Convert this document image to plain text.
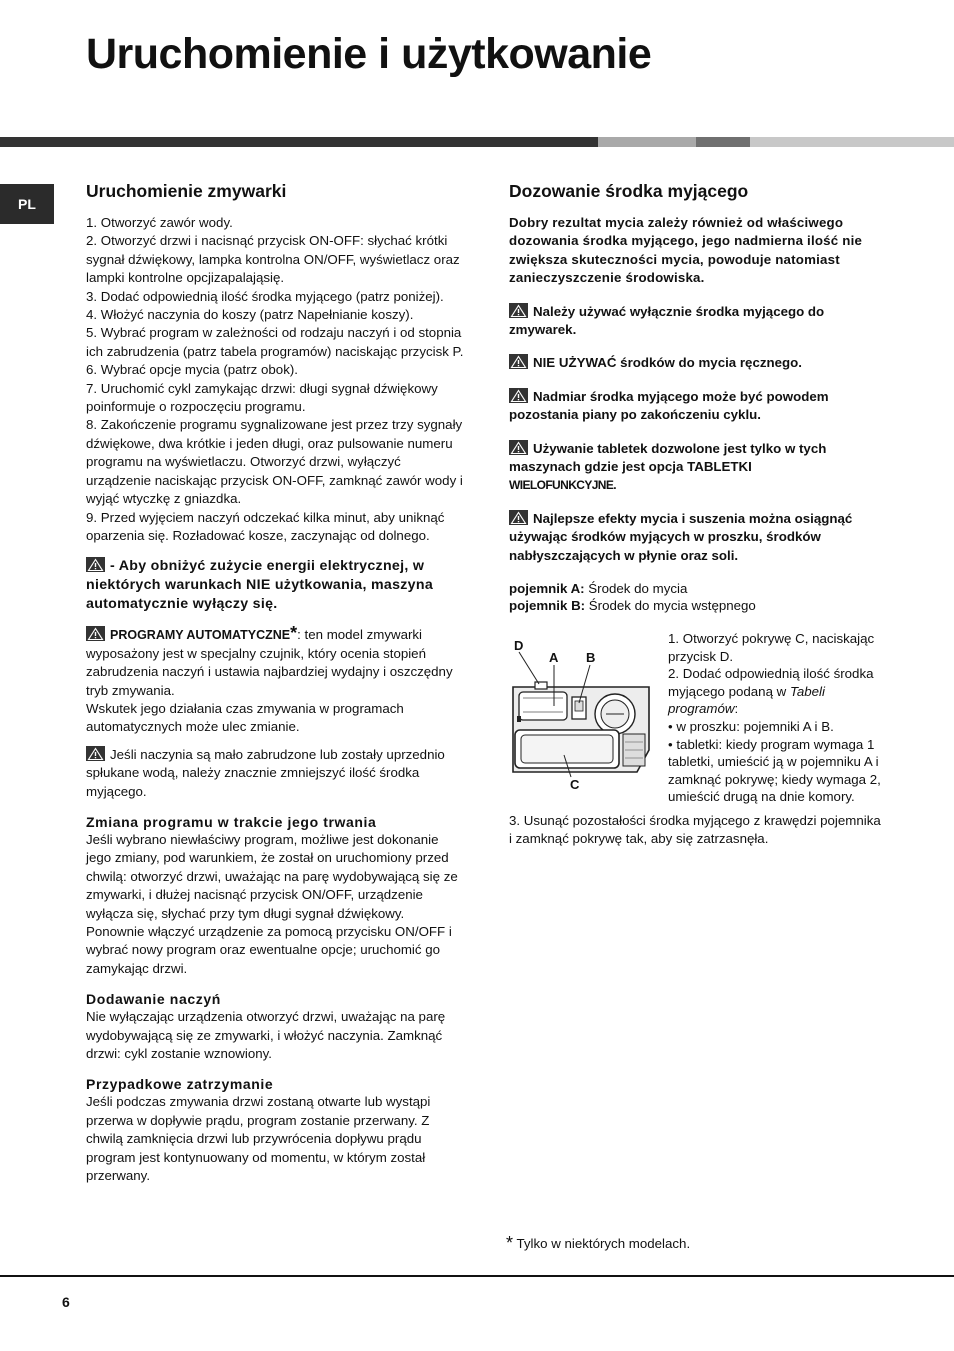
Uruchomienie i użytkowanie
PL
Uruchomienie zmywarki

1. Otworzyć zawór wody.

2. Otworzyć drzwi i nacisnąć przycisk ON-OFF: słychać krótki sygnał dźwiękowy, lampka kontrolna ON/OFF, wyświetlacz oraz lampki kontrolne opcjizapalająsię.

3. Dodać odpowiednią ilość środka myjącego (patrz poniżej).

4. Włożyć naczynia do koszy (patrz Napełnianie koszy).

5. Wybrać program w zależności od rodzaju naczyń i od stopnia ich zabrudzenia (patrz tabela programów) naciskając przycisk P.

6. Wybrać opcje mycia (patrz obok).

7. Uruchomić cykl zamykając drzwi: długi sygnał dźwiękowy poinformuje o rozpoczęciu programu.

8. Zakończenie programu sygnalizowane jest przez trzy sygnały dźwiękowe, dwa krótkie i jeden długi, oraz pulsowanie numeru programu na wyświetlaczu. Otworzyć drzwi, wyłączyć urządzenie naciskając przycisk ON-OFF, zamknąć zawór wody i wyjąć wtyczkę z gniazdka.

9. Przed wyjęciem naczyń odczekać kilka minut, aby uniknąć oparzenia się. Rozładować kosze, zaczynając od dolnego.

- Aby obniżyć zużycie energii elektrycznej, w niektórych warunkach NIE użytkowania, maszyna automatycznie wyłączy się.

PROGRAMY AUTOMATYCZNE*: ten model zmywarki wyposażony jest w specjalny czujnik, który ocenia stopień zabrudzenia naczyń i ustawia najbardziej wydajny i oszczędny tryb zmywania.

Wskutek jego działania czas zmywania w programach automatycznych może ulec zmianie.

Jeśli naczynia są mało zabrudzone lub zostały uprzednio spłukane wodą, należy znacznie zmniejszyć ilość środka myjącego.

Zmiana programu w trakcie jego trwania

Jeśli wybrano niewłaściwy program, możliwe jest dokonanie jego zmiany, pod warunkiem, że został on uruchomiony przed chwilą: otworzyć drzwi, uważając na parę wydobywającą się ze zmywarki, i dłużej nacisnąć przycisk ON/OFF, urządzenie wyłącza się, słychać przy tym długi sygnał dźwiękowy. Ponownie włączyć urządzenie za pomocą przycisku ON/OFF i wybrać nowy program oraz ewentualne opcje; uruchomić go zamykając drzwi.

Dodawanie naczyń

Nie wyłączając urządzenia otworzyć drzwi, uważając na parę wydobywającą się ze zmywarki, i włożyć naczynia. Zamknąć drzwi: cykl zostanie wznowiony.

Przypadkowe zatrzymanie

Jeśli podczas zmywania drzwi zostaną otwarte lub wystąpi przerwa w dopływie prądu, program zostanie przerwany. Z chwilą zamknięcia drzwi lub przywrócenia dopływu prądu program jest kontynuowany od momentu, w którym został przerwany.

Dozowanie środka myjącego

Dobry rezultat mycia zależy również od właściwego dozowania środka myjącego, jego nadmierna ilość nie zwiększa skuteczności mycia, powoduje natomiast zanieczyszczenie środowiska.

Należy używać wyłącznie środka myjącego do zmywarek.

NIE UŻYWAĆ środków do mycia ręcznego.

Nadmiar środka myjącego może być powodem pozostania piany po zakończeniu cyklu.

Używanie tabletek dozwolone jest tylko w tych maszynach gdzie jest opcja TABLETKI

WIELOFUNKCYJNE.

Najlepsze efekty mycia i suszenia można osiągnąć używając środków myjących w proszku, środków nabłyszczających w płynie oraz soli.

pojemnik A: Środek do mycia

pojemnik B: Środek do mycia wstępnego

D
A B
C

1. Otworzyć pokrywę C, naciskając przycisk D.

2. Dodać odpowiednią ilość środka myjącego podaną w Tabeli programów:

• w proszku: pojemniki A i B.

• tabletki: kiedy program wymaga 1 tabletki, umieścić ją w pojemniku A i zamknąć pokrywę; kiedy wymaga 2, umieścić drugą na dnie komory.

3. Usunąć pozostałości środka myjącego z krawędzi pojemnika i zamknąć pokrywę tak, aby się zatrzasnęła.

* Tylko w niektórych modelach.
6
